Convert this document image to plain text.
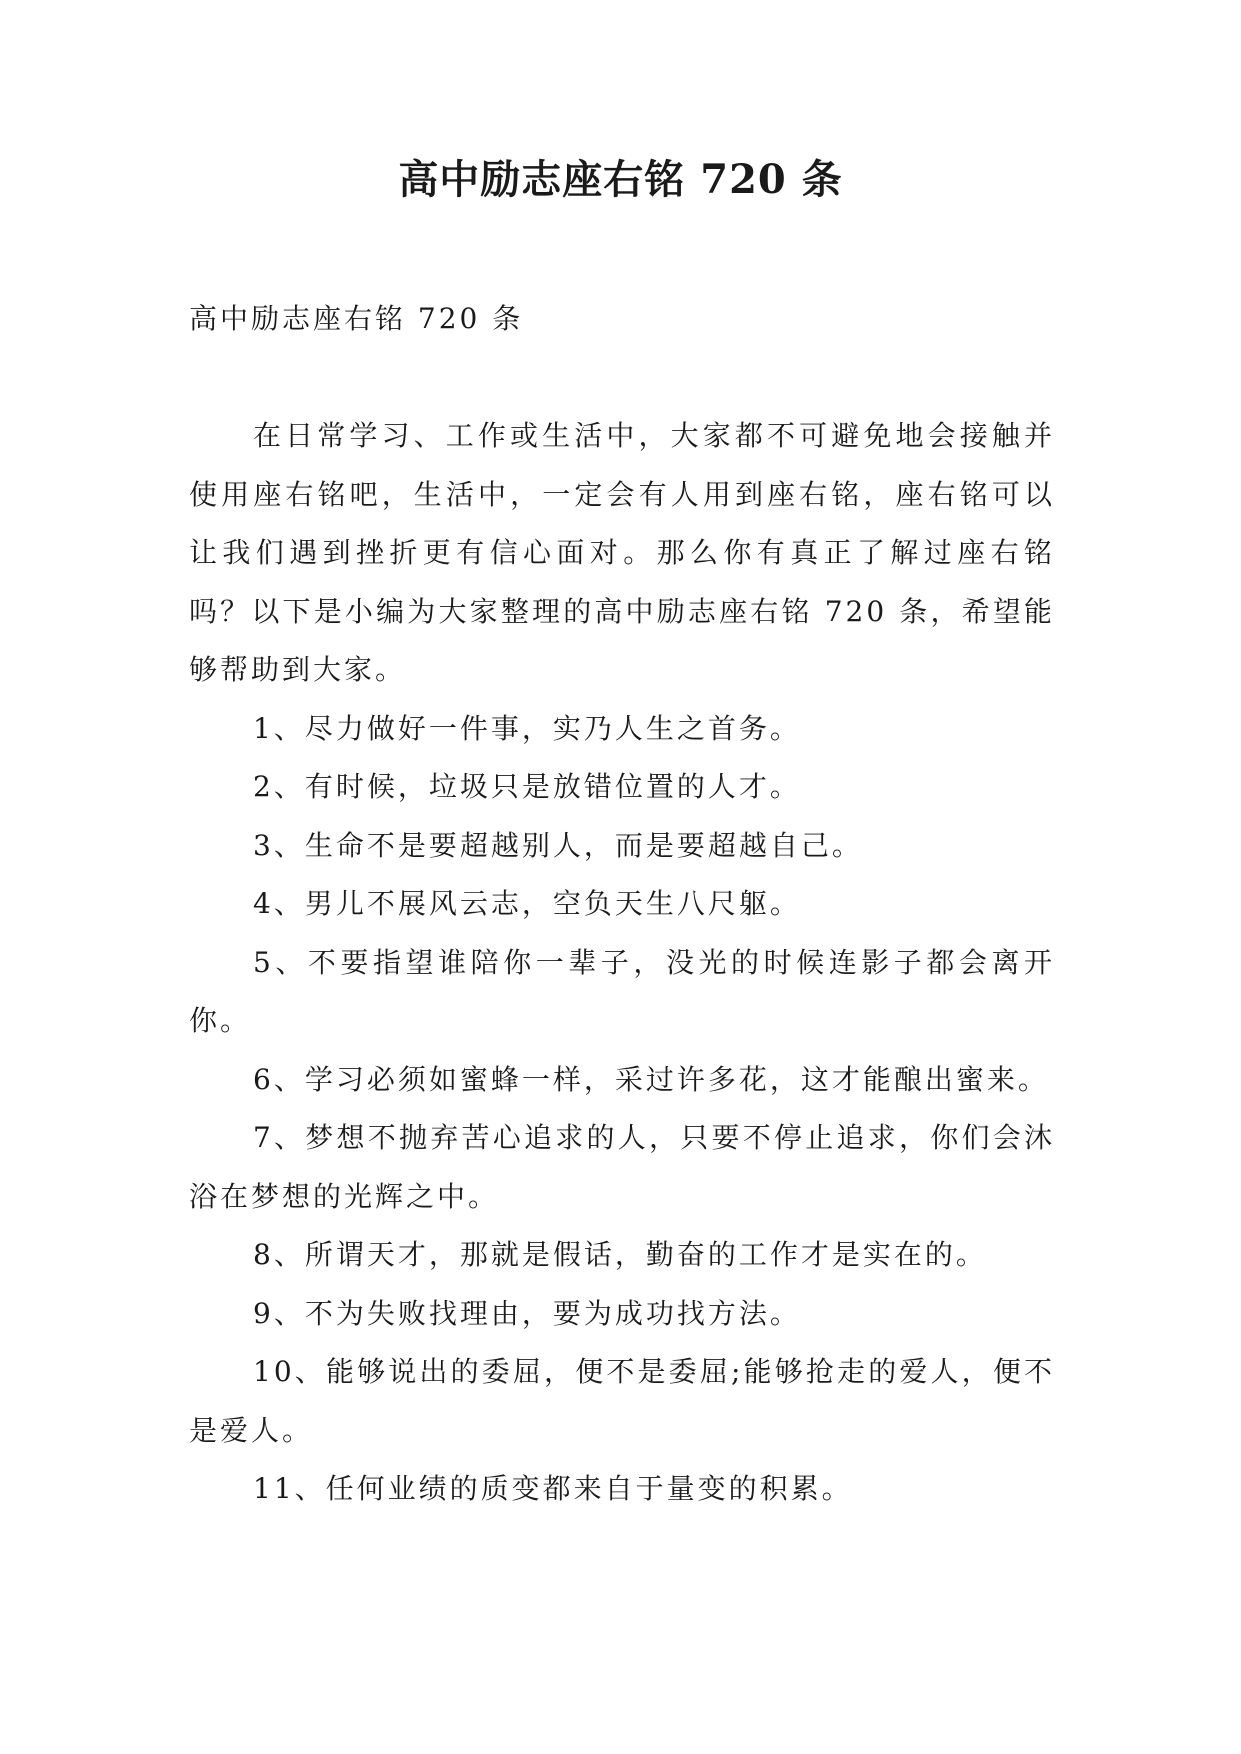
高中励志座右铭 720 条

高中励志座右铭 720 条

在日常学习、工作或生活中，大家都不可避免地会接触并使用座右铭吧，生活中，一定会有人用到座右铭，座右铭可以让我们遇到挫折更有信心面对。那么你有真正了解过座右铭吗？以下是小编为大家整理的高中励志座右铭 720 条，希望能够帮助到大家。

1、尽力做好一件事，实乃人生之首务。

2、有时候，垃圾只是放错位置的人才。

3、生命不是要超越别人，而是要超越自己。

4、男儿不展风云志，空负天生八尺躯。

5、不要指望谁陪你一辈子，没光的时候连影子都会离开你。

6、学习必须如蜜蜂一样，采过许多花，这才能酿出蜜来。

7、梦想不抛弃苦心追求的人，只要不停止追求，你们会沐浴在梦想的光辉之中。

8、所谓天才，那就是假话，勤奋的工作才是实在的。

9、不为失败找理由，要为成功找方法。

10、能够说出的委屈，便不是委屈;能够抢走的爱人，便不是爱人。

11、任何业绩的质变都来自于量变的积累。
